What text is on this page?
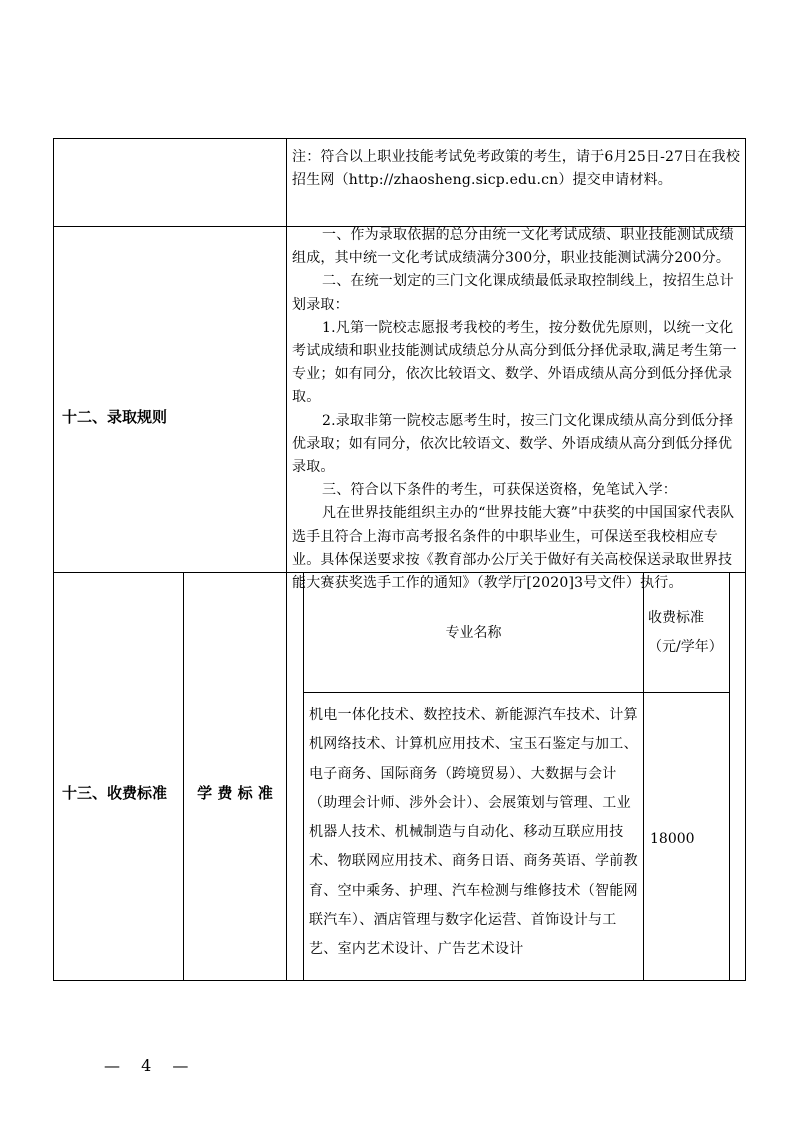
注：符合以上职业技能考试免考政策的考生，请于6月25日-27日在我校招生网（http://zhaosheng.sicp.edu.cn）提交申请材料。

十二、录取规则

一、作为录取依据的总分由统一文化考试成绩、职业技能测试成绩组成，其中统一文化考试成绩满分300分，职业技能测试满分200分。

二、在统一划定的三门文化课成绩最低录取控制线上，按招生总计划录取：

1.凡第一院校志愿报考我校的考生，按分数优先原则，以统一文化考试成绩和职业技能测试成绩总分从高分到低分择优录取,满足考生第一专业；如有同分，依次比较语文、数学、外语成绩从高分到低分择优录取。

2.录取非第一院校志愿考生时，按三门文化课成绩从高分到低分择优录取；如有同分，依次比较语文、数学、外语成绩从高分到低分择优录取。

三、符合以下条件的考生，可获保送资格，免笔试入学：

凡在世界技能组织主办的“世界技能大赛”中获奖的中国国家代表队选手且符合上海市高考报名条件的中职毕业生，可保送至我校相应专业。具体保送要求按《教育部办公厅关于做好有关高校保送录取世界技能大赛获奖选手工作的通知》（教学厅[2020]3号文件）执行。

十三、收费标准	学 费 标 准
专业名称
收费标准（元/学年）
机电一体化技术、数控技术、新能源汽车技术、计算机网络技术、计算机应用技术、宝玉石鉴定与加工、电子商务、国际商务（跨境贸易）、大数据与会计（助理会计师、涉外会计）、会展策划与管理、工业机器人技术、机械制造与自动化、移动互联应用技术、物联网应用技术、商务日语、商务英语、学前教育、空中乘务、护理、汽车检测与维修技术（智能网联汽车）、酒店管理与数字化运营、首饰设计与工艺、室内艺术设计、广告艺术设计
18000
— 4 —
